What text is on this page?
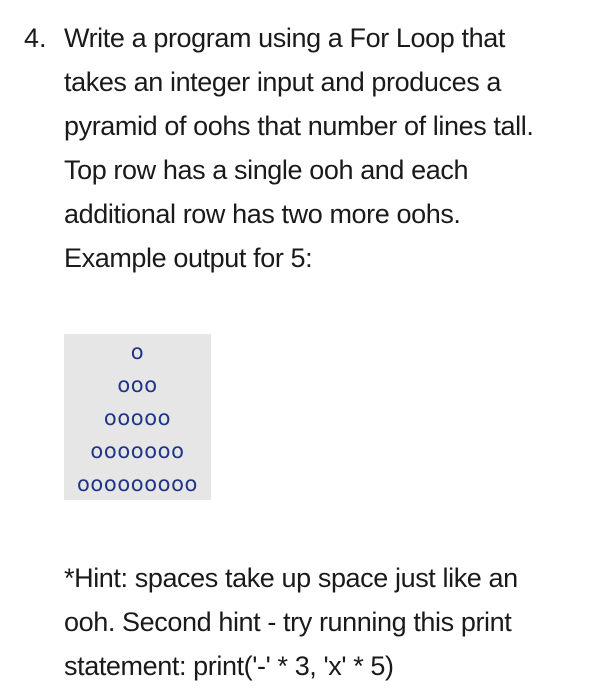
4. Write a program using a For Loop that
takes an integer input and produces a
pyramid of oohs that number of lines tall.
Top row has a single ooh and each
additional row has two more oohs.
Example output for 5:

o
ooo
ooooo
ooooooo
ooooooooo

*Hint: spaces take up space just like an
ooh. Second hint - try running this print
statement: print('-' * 3, 'x' * 5)
